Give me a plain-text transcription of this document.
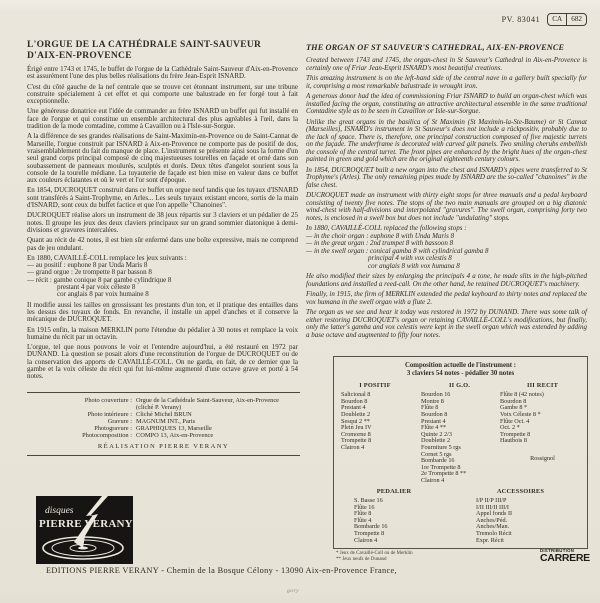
PV. 83041	CA	682
L'ORGUE DE LA CATHÉDRALE SAINT-SAUVEUR
D'AIX-EN-PROVENCE
Érigé entre 1743 et 1745, le buffet de l'orgue de la Cathédrale Saint-Sauveur d'Aix-en-Provence est assurément l'une des plus belles réalisations du frère Jean-Esprit ISNARD.
C'est du côté gauche de la nef centrale que se trouve cet étonnant instrument, sur une tribune construite spécialement à cet effet et qui comporte une balustrade en fer forgé tout à fait exceptionnelle.
Une généreuse donatrice eut l'idée de commander au frère ISNARD un buffet qui fut installé en face de l'orgue et qui constitue un ensemble architectural des plus agréables à l'œil, dans la tradition de la mode comtadine, comme à Cavaillon ou à l'Isle-sur-Sorgue.
A la différence de ses grandes réalisations de Saint-Maximin-en-Provence ou de Saint-Cannat de Marseille, l'orgue construit par ISNARD à Aix-en-Provence ne comporte pas de positif de dos, vraisemblablement du fait du manque de place. L'instrument se présente ainsi sous la forme d'un seul grand corps principal composé de cinq majestueuses tourelles en façade et orné dans son soubassement de panneaux moulurés, sculptés et dorés. Deux têtes d'angelot sourient sous la console de la tourelle médiane. La tuyauterie de façade est bien mise en valeur dans ce buffet aux couleurs éclatantes et où le vert et l'or sont d'époque.
En 1854, DUCROQUET construit dans ce buffet un orgue neuf tandis que les tuyaux d'ISNARD sont transférés à Saint-Trophyme, en Arles... Les seuls tuyaux existant encore, sortis de la main d'ISNARD, sont ceux du buffet factice et que l'on appelle "Chanoines".
DUCROQUET réalise alors un instrument de 38 jeux répartis sur 3 claviers et un pédalier de 25 notes. Il groupe les jeux des deux claviers principaux sur un grand sommier diatonique à demi-divisions et gravures intercalées.
Quant au récit de 42 notes, il est bien sûr enfermé dans une boîte expressive, mais ne comprend pas de jeu ondulant.
En 1880, CAVAILLÉ-COLL remplace les jeux suivants :
— au positif : euphone 8 par Unda Maris 8
— grand orgue : 2e trompette 8 par basson 8
— récit : gambe conique 8 par gambe cylindrique 8
prestant 4 par voix céleste 8
cor anglais 8 par voix humaine 8
Il modifie aussi les tailles en grossissant les prestants d'un ton, et il pratique des entailles dans les dessus des tuyaux de fonds. En revanche, il installe un appel d'anches et il conserve la mécanique de DUCROQUET.
En 1915 enfin, la maison MERKLIN porte l'étendue du pédalier à 30 notes et remplace la voix humaine du récit par un octavin.
L'orgue, tel que nous pouvons le voir et l'entendre aujourd'hui, a été restauré en 1972 par DUNAND. La question se posait alors d'une reconstitution de l'orgue de DUCROQUET ou de la conservation des apports de CAVAILLÉ-COLL. On ne garda, en fait, de ce dernier que la gambe et la voix céleste du récit qui fut lui-même augmenté d'une octave grave et porté à 54 notes.
THE ORGAN OF ST SAUVEUR'S CATHEDRAL, AIX-EN-PROVENCE
Created between 1743 and 1745, the organ-chest in St Sauveur's Cathedral in Aix-en-Provence is certainly one of Friar Jean-Esprit ISNARD's most beautiful creations.
This amazing instrument is on the left-hand side of the central nave in a gallery built specially for it, comprising a most remarkable balustrade in wrought iron.
A generous donor had the idea of commissioning Friar ISNARD to build an organ-chest which was installed facing the organ, constituting an attractive architectural ensemble in the same traditional Comtadine style as to be seen in Cavaillon or Isle-sur-Sorgue.
Unlike the great organs in the basilica of St Maximin (St Maximin-la-Ste-Baume) or St Cannat (Marseilles), ISNARD's instrument in St Sauveur's does not include a rückpositiv, probably due to the lack of space. There is, therefore, one principal construction composed of five majestic turrets on the façade. The underframe is decorated with carved gilt panels. Two smiling cherubs embellish the console of the central turret. The front pipes are enhanced by the bright hues of the organ-chest painted in green and gold which are the original eighteenth century colours.
In 1854, DUCROQUET built a new organ into the chest and ISNARD's pipes were transferred to St Trophyme's (Arles). The only remaining pipes made by ISNARD are the so-called "chanoines" in the false chest.
DUCROQUET made an instrument with thirty eight stops for three manuals and a pedal keyboard consisting of twenty five notes. The stops of the two main manuals are grouped on a big diatonic wind-chest with half-divisions and interpolated "gravures". The swell organ, comprising forty two notes, is enclosed in a swell box but does not include "undulating" stops.
In 1880, CAVAILLÉ-COLL replaced the following stops :
— in the choir organ : euphone 8 with Unda Maris 8
— in the great organ : 2nd trumpet 8 with bassoon 8
— in the swell organ : conical gamba 8 with cylindrical gamba 8
principal 4 with vox celestis 8
cor anglais 8 with vox humana 8
He also modified their sizes by enlarging the principals 4 a tone, he made slits in the high-pitched foundations and installed a reed-call. On the other hand, he retained DUCROQUET's machinery.
Finally, in 1915, the firm of MERKLIN extended the pedal keyboard to thirty notes and replaced the vox humana in the swell organ with a flute 2.
The organ as we see and hear it today was restored in 1972 by DUNAND. There was some talk of either restoring DUCROQUET's organ or retaining CAVAILLÉ-COLL's modifications, but finally, only the latter's gamba and vox celestis were kept in the swell organ which was extended by adding a base octave and augmented to fifty four notes.
Composition actuelle de l'instrument :
3 claviers 54 notes - pédalier 30 notes
I POSITIF
Salicional 8
Bourdon 8
Prestant 4
Doublette 2
Sesqui 2 **
Plein Jeu IV
Cromorne 8
Trompette 8
Clairon 4
II G.O.
Bourdon 16
Montre 8
Flûte 8
Bourdon 8
Prestant 4
Flûte 4 **
Quinte 2 2/3
Doublette 2
Fourniture 5 rgs
Cornet 5 rgs
Bombarde 16
1re Trompette 8
2e Trompette 8 **
Clairon 4
III RECIT
Flûte 8 (42 notes)
Bourdon 8
Gambe 8 *
Voix Céleste 8 *
Flûte Oct. 4
Oct. 2 *
Trompette 8
Hautbois 8
Rossignol
PEDALIER
S. Basse 16
Flûte 16
Flûte 8
Flûte 4
Bombarde 16
Trompette 8
Clairon 4
ACCESSOIRES
I/P II/P III/P
I/II III/II III/I
Appel fonds II
Anches/Péd.
Anches/Man.
Tremolo Récit
Expr. Récit
* Jeux de Cavaillé-Coll ou de Merklin
** Jeux neufs de Dunand
Photo couverture : Orgue de la Cathédrale Saint-Sauveur, Aix-en-Provence (cliché P. Verany)
Photo intérieure : Cliché Michel BRUN
Gravure : MAGNUM INT., Paris
Photogravure : GRAPHIQUES 13, Marseille
Photocomposition : COMPO 13, Aix-en-Provence
RÉALISATION PIERRE VERANY
disques
PIERRE VERANY
EDITIONS PIERRE VERANY - Chemin de la Bosque Célony - 13090 Aix-en-Provence France,
DISTRIBUTION
CARRERE
gory
